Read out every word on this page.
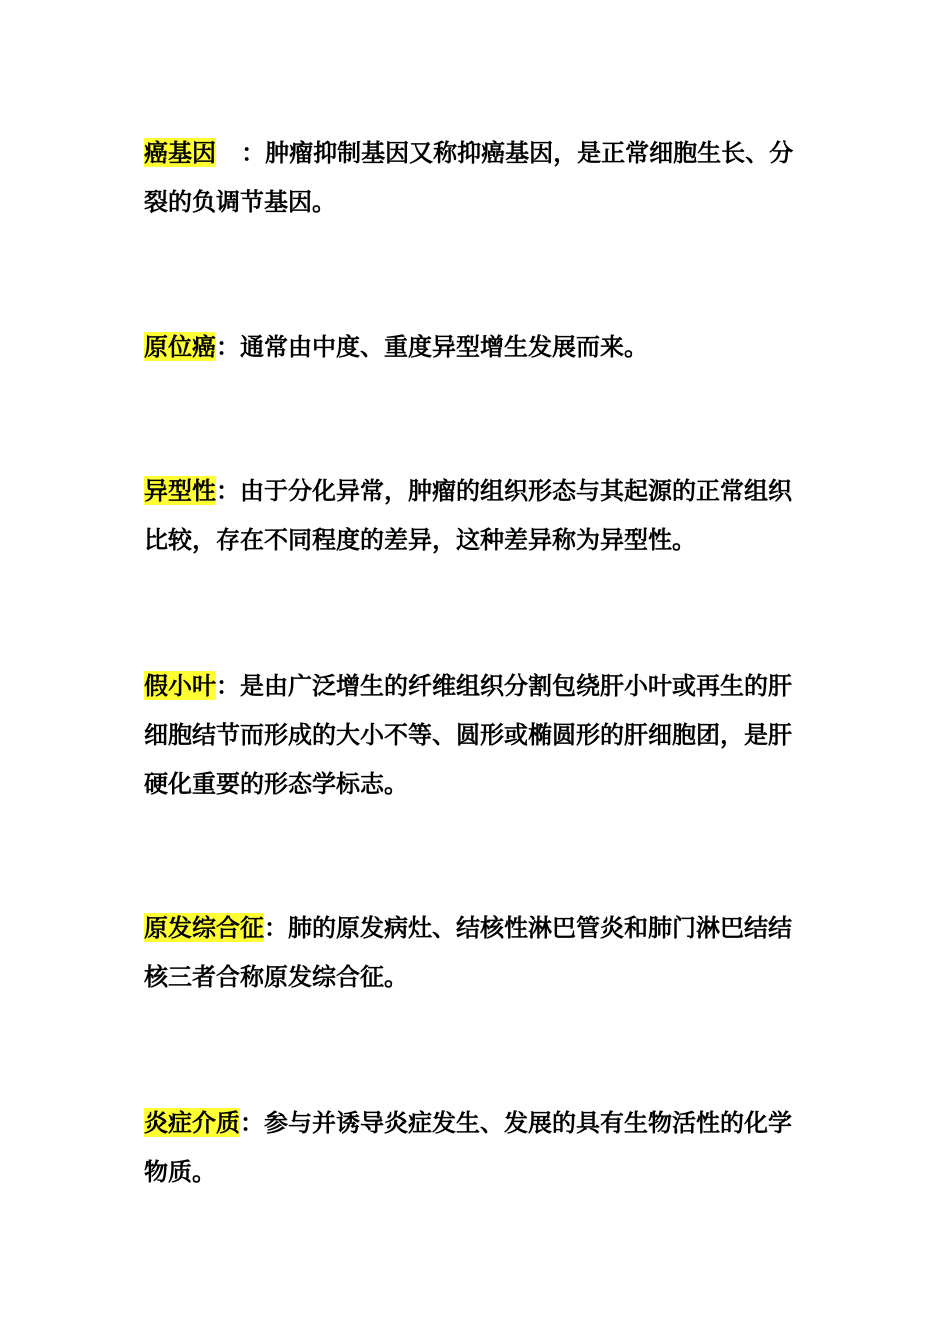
癌基因   ：肿瘤抑制基因又称抑癌基因，是正常细胞生长、分裂的负调节基因。
原位癌：通常由中度、重度异型增生发展而来。
异型性：由于分化异常，肿瘤的组织形态与其起源的正常组织比较，存在不同程度的差异，这种差异称为异型性。
假小叶：是由广泛增生的纤维组织分割包绕肝小叶或再生的肝细胞结节而形成的大小不等、圆形或椭圆形的肝细胞团，是肝硬化重要的形态学标志。
原发综合征：肺的原发病灶、结核性淋巴管炎和肺门淋巴结结核三者合称原发综合征。
炎症介质：参与并诱导炎症发生、发展的具有生物活性的化学物质。
